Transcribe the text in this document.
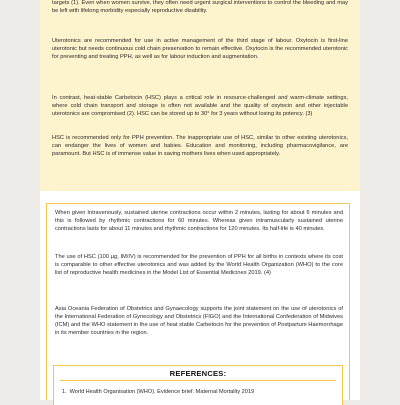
targets (1). Even when women survive, they often need urgent surgical interventions to control the bleeding and may be left with lifelong morbidity especially reproductive disability.

Uterotonics are recommended for use in active management of the third stage of labour. Oxytocin is first-line uterotonic but needs continuous cold chain preservation to remain effective. Oxytocin is the recommended uterotonic for preventing and treating PPH, as well as for labour induction and augmentation.

In contrast, heat-stable Carbetocin (HSC) plays a critical role in resource-challenged and warm-climate settings, where cold chain transport and storage is often not available and the quality of oxytocin and other injectable uterotonics are compromised (2). HSC can be stored up to 30° for 3 years without losing its potency. (3)

HSC is recommended only for PPH prevention. The inappropriate use of HSC, similar to other existing uterotonics, can endanger the lives of women and babies. Education and monitoring, including pharmacovigilance, are paramount. But HSC is of immense value in saving mothers lives when used appropriately.

When given Intravenously, sustained uterine contractions occur within 2 minutes, lasting for about 6 minutes and this is followed by rhythmic contractions for 60 minutes. Whereas given intramuscularly sustained uterine contractions lasts for about 11 minutes and rhythmic contractions for 120 minutes. Its half-life is 40 minutes.

The use of HSC (100 µg, IM/IV) is recommended for the prevention of PPH for all births in contexts where its cost is comparable to other effective uterotonics and was added by the World Health Organization (WHO) to the core list of reproductive health medicines in the Model List of Essential Medicines 2019. (4)

Asia Oceania Federation of Obstetrics and Gynaecology supports the joint statement on the use of uterotonics of the International Federation of Gynecology and Obstetrics (FIGO) and the International Confederation of Midwives (ICM) and the WHO statement in the use of heat stable Carbetocin for the prevention of Postpartum Haemorrhage in its member countries in the region.

REFERENCES:
1. World Health Organisation (WHO). Evidence brief. Maternal Mortality 2019
